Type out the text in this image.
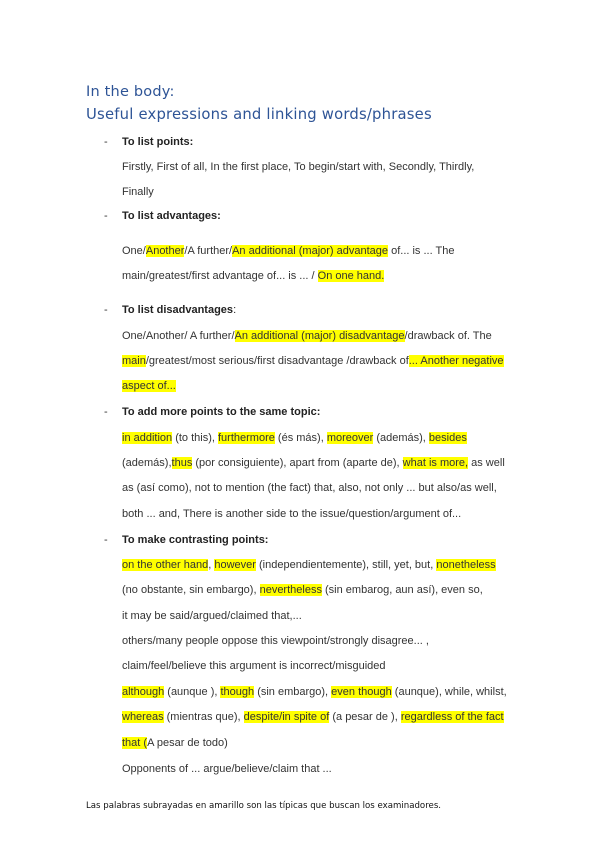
In the body:
Useful expressions and linking words/phrases
- To list points:
Firstly, First of all, In the first place, To begin/start with, Secondly, Thirdly,
Finally
- To list advantages:
One/Another/A further/An additional (major) advantage of... is ... The
main/greatest/first advantage of... is ... / On one hand.
- To list disadvantages:
One/Another/ A further/An additional (major) disadvantage/drawback of. The
main/greatest/most serious/first disadvantage /drawback of... Another negative
aspect of...
- To add more points to the same topic:
in addition (to this), furthermore (és más), moreover (además), besides
(además),thus (por consiguiente), apart from (aparte de), what is more, as well
as (así como), not to mention (the fact) that, also, not only ... but also/as well,
both ... and, There is another side to the issue/question/argument of...
- To make contrasting points:
on the other hand, however (independientemente), still, yet, but, nonetheless
(no obstante, sin embargo), nevertheless (sin embarog, aun así), even so,
it may be said/argued/claimed that,...
others/many people oppose this viewpoint/strongly disagree... ,
claim/feel/believe this argument is incorrect/misguided
although (aunque ), though (sin embargo), even though (aunque), while, whilst,
whereas (mientras que), despite/in spite of (a pesar de ), regardless of the fact
that (A pesar de todo)
Opponents of ... argue/believe/claim that ...
Las palabras subrayadas en amarillo son las típicas que buscan los examinadores.
